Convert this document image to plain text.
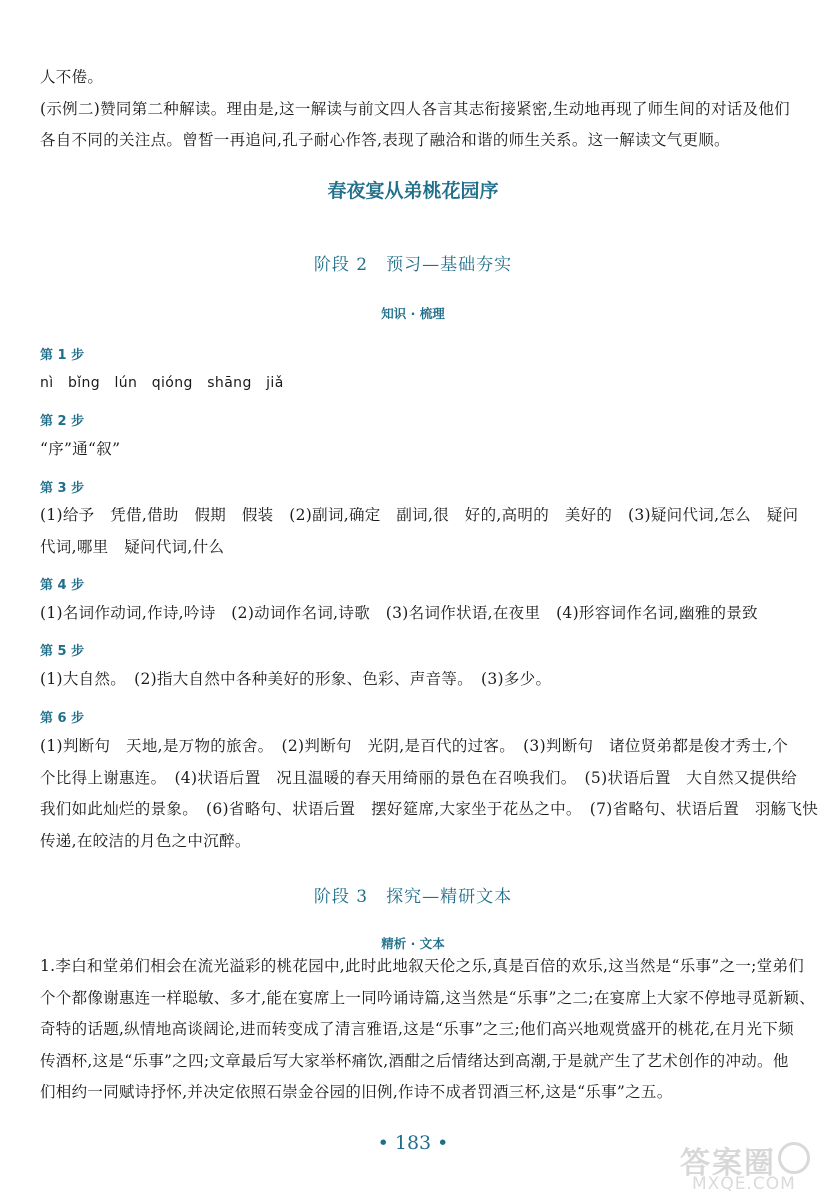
人不倦。
(示例二)赞同第二种解读。理由是,这一解读与前文四人各言其志衔接紧密,生动地再现了师生间的对话及他们
各自不同的关注点。曾皙一再追问,孔子耐心作答,表现了融洽和谐的师生关系。这一解读文气更顺。
春夜宴从弟桃花园序
阶段 2　预习—基础夯实
知识 · 梳理
第 1 步
nì　bǐng　lún　qióng　shāng　jiǎ
第 2 步
“序”通“叙”
第 3 步
(1)给予　凭借,借助　假期　假装　(2)副词,确定　副词,很　好的,高明的　美好的　(3)疑问代词,怎么　疑问
代词,哪里　疑问代词,什么
第 4 步
(1)名词作动词,作诗,吟诗　(2)动词作名词,诗歌　(3)名词作状语,在夜里　(4)形容词作名词,幽雅的景致
第 5 步
(1)大自然。　(2)指大自然中各种美好的形象、色彩、声音等。　(3)多少。
第 6 步
(1)判断句　天地,是万物的旅舍。　(2)判断句　光阴,是百代的过客。　(3)判断句　诸位贤弟都是俊才秀士,个
个比得上谢惠连。　(4)状语后置　况且温暖的春天用绮丽的景色在召唤我们。　(5)状语后置　大自然又提供给
我们如此灿烂的景象。　(6)省略句、状语后置　摆好筵席,大家坐于花丛之中。　(7)省略句、状语后置　羽觞飞快
传递,在皎洁的月色之中沉醉。
阶段 3　探究—精研文本
精析 · 文本
1.李白和堂弟们相会在流光溢彩的桃花园中,此时此地叙天伦之乐,真是百倍的欢乐,这当然是“乐事”之一;堂弟们
个个都像谢惠连一样聪敏、多才,能在宴席上一同吟诵诗篇,这当然是“乐事”之二;在宴席上大家不停地寻觅新颖、
奇特的话题,纵情地高谈阔论,进而转变成了清言雅语,这是“乐事”之三;他们高兴地观赏盛开的桃花,在月光下频
传酒杯,这是“乐事”之四;文章最后写大家举杯痛饮,酒酣之后情绪达到高潮,于是就产生了艺术创作的冲动。他
们相约一同赋诗抒怀,并决定依照石崇金谷园的旧例,作诗不成者罚酒三杯,这是“乐事”之五。
• 183 •
答案圈
MXQE.COM
